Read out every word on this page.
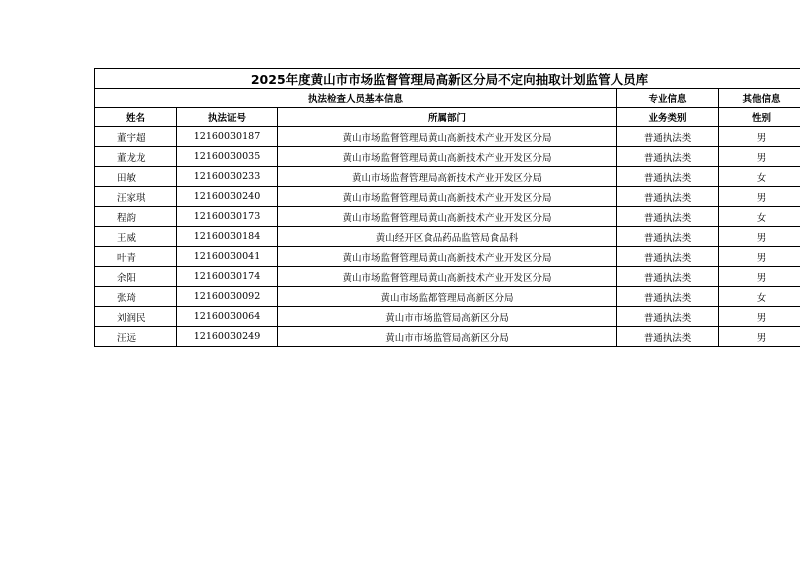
2025年度黄山市市场监督管理局高新区分局不定向抽取计划监管人员库				
执法检查人员基本信息			专业信息	其他信息
姓名	执法证号	所属部门	业务类别	性别
董宇超	12160030187	黄山市场监督管理局黄山高新技术产业开发区分局	普通执法类	男
董龙龙	12160030035	黄山市场监督管理局黄山高新技术产业开发区分局	普通执法类	男
田敏	12160030233	黄山市场监督管理局高新技术产业开发区分局	普通执法类	女
汪家琪	12160030240	黄山市场监督管理局黄山高新技术产业开发区分局	普通执法类	男
程韵	12160030173	黄山市场监督管理局黄山高新技术产业开发区分局	普通执法类	女
王威	12160030184	黄山经开区食品药品监管局食品科	普通执法类	男
叶青	12160030041	黄山市场监督管理局黄山高新技术产业开发区分局	普通执法类	男
余阳	12160030174	黄山市场监督管理局黄山高新技术产业开发区分局	普通执法类	男
张琦	12160030092	黄山市场监都管理局高新区分局	普通执法类	女
刘润民	12160030064	黄山市市场监管局高新区分局	普通执法类	男
汪远	12160030249	黄山市市场监管局高新区分局	普通执法类	男
